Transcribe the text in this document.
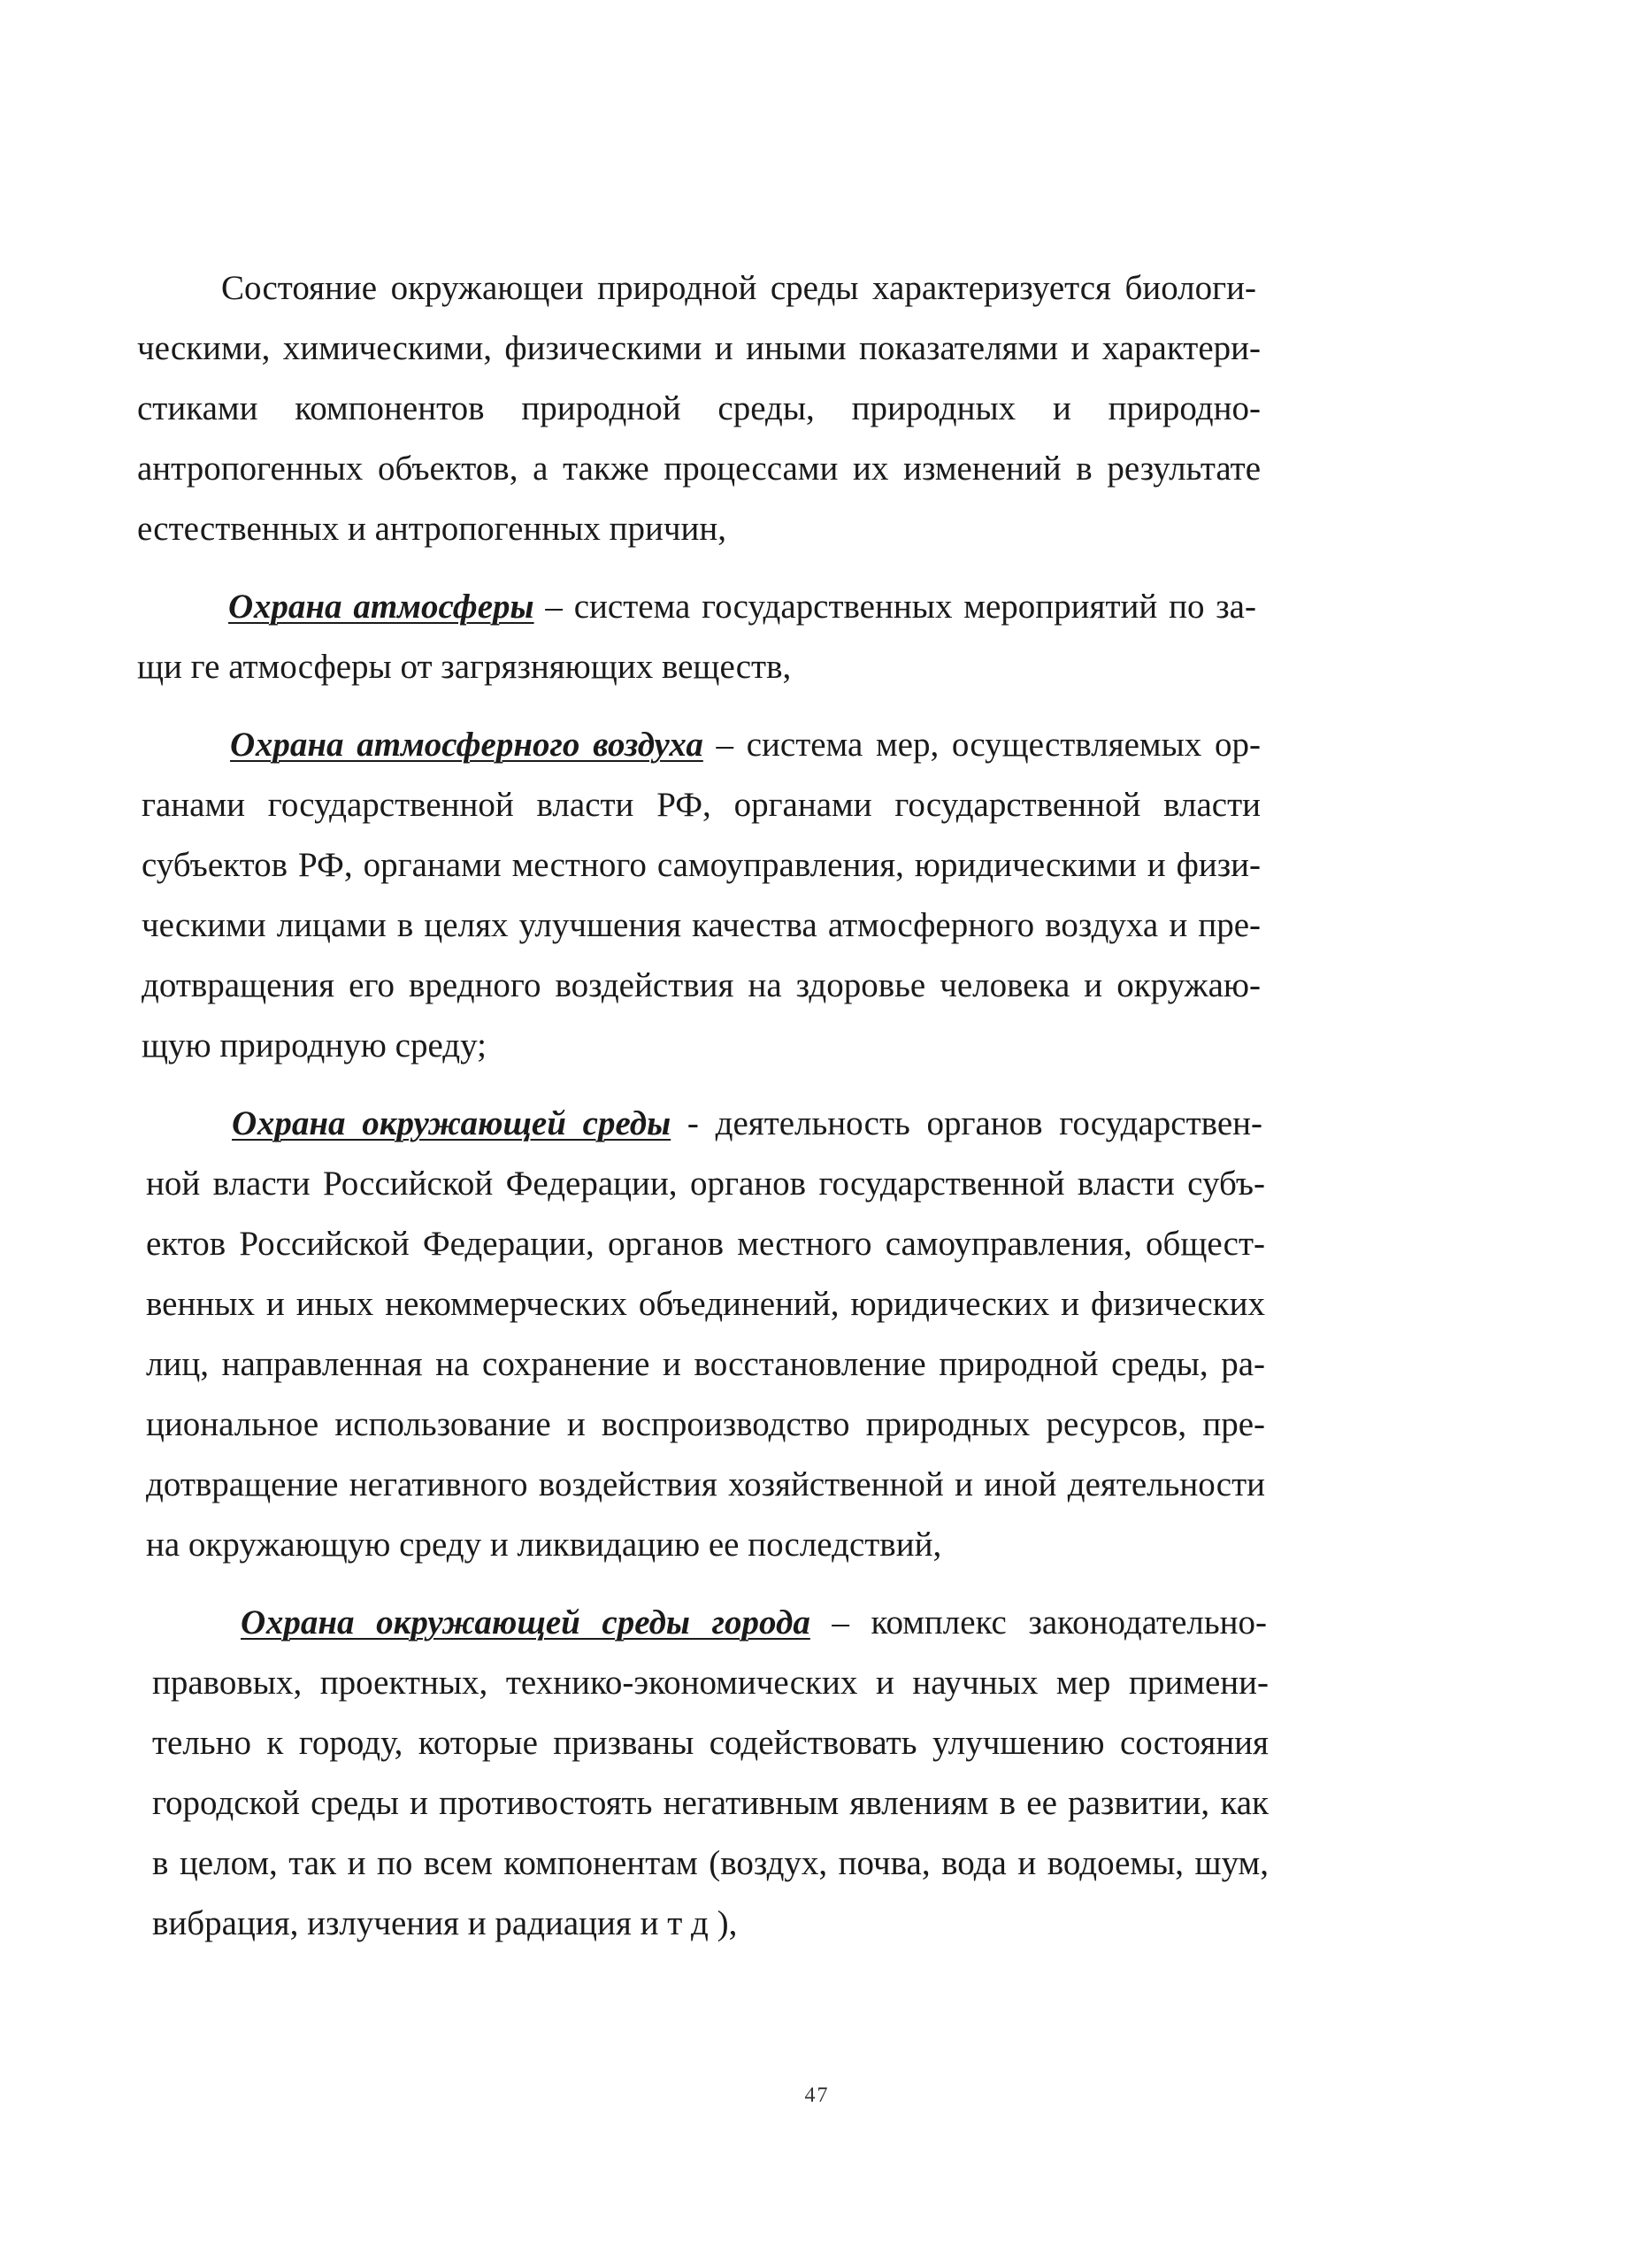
Состояние окружающеи природной среды характеризуется биологи-
ческими, химическими, физическими и иными показателями и характери-
стиками компонентов природной среды, природных и природно-
антропогенных объектов, а также процессами их изменений в результате
естественных и антропогенных причин,
Охрана атмосферы – система государственных мероприятий по за-
щи ге атмосферы от загрязняющих веществ,
Охрана атмосферного воздуха – система мер, осуществляемых ор-
ганами государственной власти РФ, органами государственной власти
субъектов РФ, органами местного самоуправления, юридическими и физи-
ческими лицами в целях улучшения качества атмосферного воздуха и пре-
дотвращения его вредного воздействия на здоровье человека и окружаю-
щую природную среду;
Охрана окружающей среды - деятельность органов государствен-
ной власти Российской Федерации, органов государственной власти субъ-
ектов Российской Федерации, органов местного самоуправления, общест-
венных и иных некоммерческих объединений, юридических и физических
лиц, направленная на сохранение и восстановление природной среды, ра-
циональное использование и воспроизводство природных ресурсов, пре-
дотвращение негативного воздействия хозяйственной и иной деятельности
на окружающую среду и ликвидацию ее последствий,
Охрана окружающей среды города – комплекс законодательно-
правовых, проектных, технико-экономических и научных мер примени-
тельно к городу, которые призваны содействовать улучшению состояния
городской среды и противостоять негативным явлениям в ее развитии, как
в целом, так и по всем компонентам (воздух, почва, вода и водоемы, шум,
вибрация, излучения и радиация и т д ),
47
